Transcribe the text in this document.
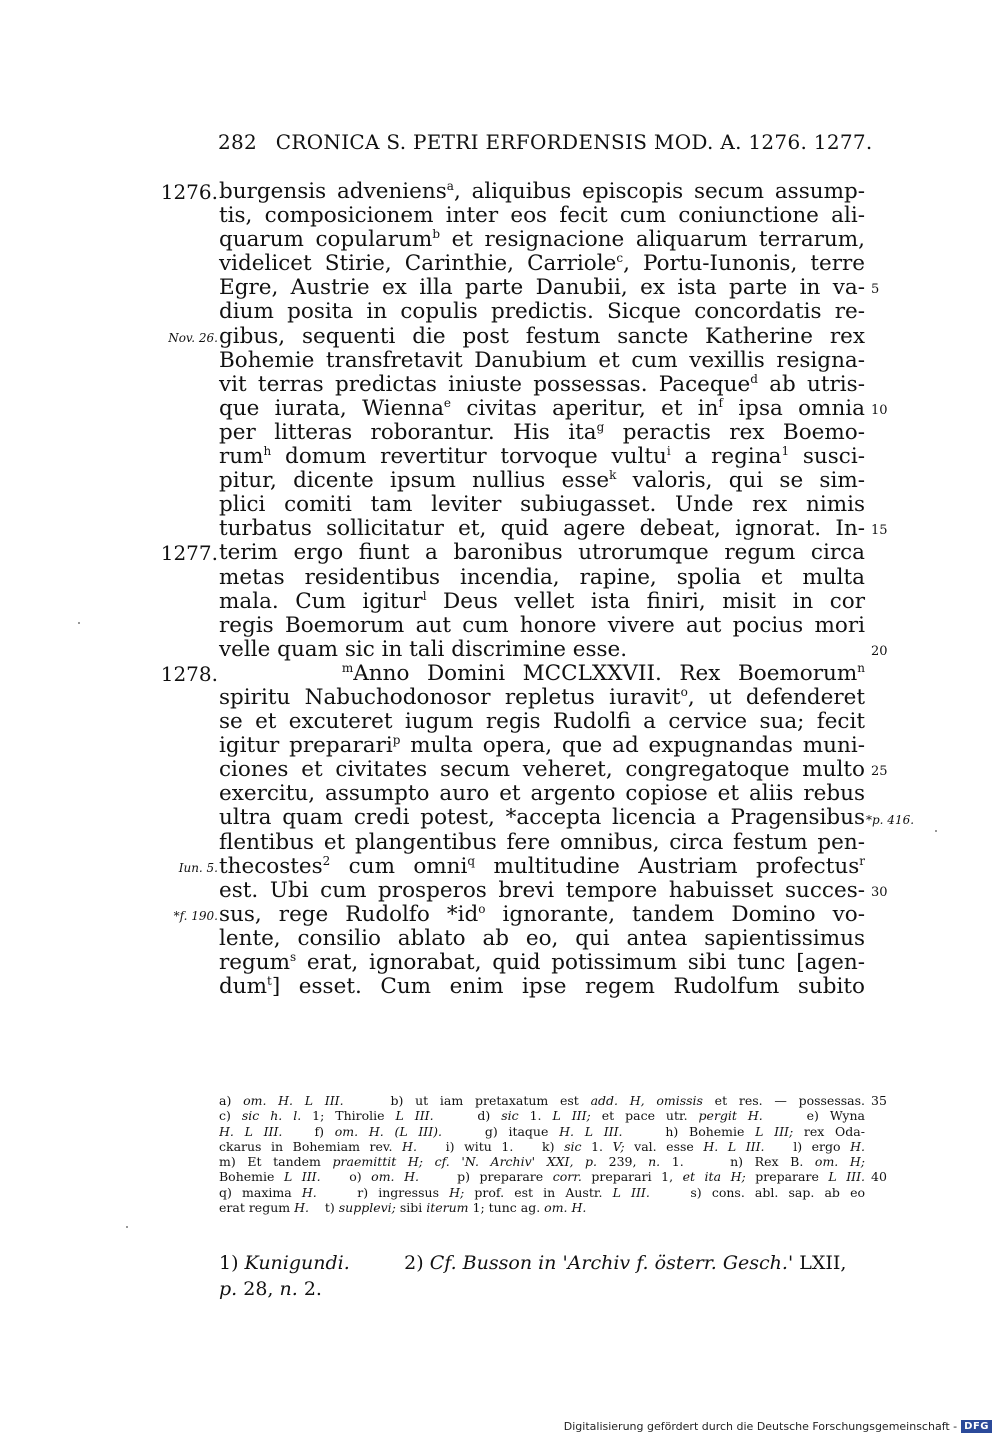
282 CRONICA S. PETRI ERFORDENSIS MOD. A. 1276. 1277.
1276. burgensis adveniens$^a$, aliquibus episcopis secum assump-
tis, composicionem inter eos fecit cum coniunctione ali-
quarum copularum$^b$ et resignacione aliquarum terrarum,
videlicet Stirie, Carinthie, Carriole$^c$, Portu-Iunonis, terre
Egre, Austrie ex illa parte Danubii, ex ista parte in va- 5
dium posita in copulis predictis. Sicque concordatis re-
Nov. 26. gibus, sequenti die post festum sancte Katherine rex
Bohemie transfretavit Danubium et cum vexillis resigna-
vit terras predictas iniuste possessas. Paceque$^d$ ab utris-
que iurata, Wienna$^e$ civitas aperitur, et $in^f$ ipsa omnia 10
per litteras roborantur. His ita$^g$ peractis rex Boemo-
rum$^h$ domum revertitur torvoque vultu$^i$ a regina$^1$ susci-
pitur, dicente ipsum nullius esse$^k$ valoris, qui se sim-
plici comiti tam leviter subiugasset. Unde rex nimis
turbatus sollicitatur et, quid agere debeat, ignorat. In- 15
1277. terim ergo fiunt a baronibus utrorumque regum circa
metas residentibus incendia, rapine, spolia et multa
mala. Cum igitur$^l$ Deus vellet ista finiri, misit in cor
regis Boemorum aut cum honore vivere aut pocius mori
velle quam sic in tali discrimine esse.	20
1278.	$^m$Anno Domini MCCLXXVII. Rex Boemorum$^n$
spiritu Nabuchodonosor repletus iuravit$^o$, ut defenderet
se et excuteret iugum regis Rudolfi a cervice sua; fecit
igitur preparari$^p$ multa opera, que ad expugnandas muni-
ciones et civitates secum veheret, congregatoque multo 25
exercitu, assumpto auro et argento copiose et aliis rebus
ultra quam credi potest, *accepta licencia a Pragensibus *p. 416.
flentibus et plangentibus fere omnibus, circa festum pen-
Iun. 5. thecostes$^2$ cum omni$^q$ multitudine Austriam profectus$^r$
est. Ubi cum prosperos brevi tempore habuisset succes- 30
*f. 190. sus, rege Rudolfo $*id^o$ ignorante, tandem Domino vo-
lente, consilio ablato ab eo, qui antea sapientissimus
regum$^s$ erat, ignorabat, quid potissimum sibi tunc [agen-
dum$^t$] esset. Cum enim ipse regem Rudolfum subito
a) om. H. L III.    b) ut iam pretaxatum est add. H, omissis et res. — possessas. 35
c) sic h. l. 1; Thirolie L III.    d) sic 1. L III; et pace utr. pergit H.    e) Wyna
H. L III.   f) om. H. (L III).    g) itaque H. L III.    h) Bohemie L III; rex Oda-
ckarus in Bohemiam rev. H.   i) witu 1.   k) sic 1. V; val. esse H. L III.   l) ergo H.
m) Et tandem praemittit H; cf. 'N. Archiv' XXI, p. 239, n. 1.    n) Rex B. om. H;
Bohemie L III.   o) om. H.    p) preparare corr. preparari 1, et ita H; preparare L III. 40
q) maxima H.    r) ingressus H; prof. est in Austr. L III.    s) cons. abl. sap. ab eo
erat regum H.    t) supplevi; sibi iterum 1; tunc ag. om. H.
1) Kunigundi.         2) Cf. Busson in 'Archiv f. österr. Gesch.' LXII,
p. 28, n. 2.
Digitalisierung gefördert durch die Deutsche Forschungsgemeinschaft - DFG
